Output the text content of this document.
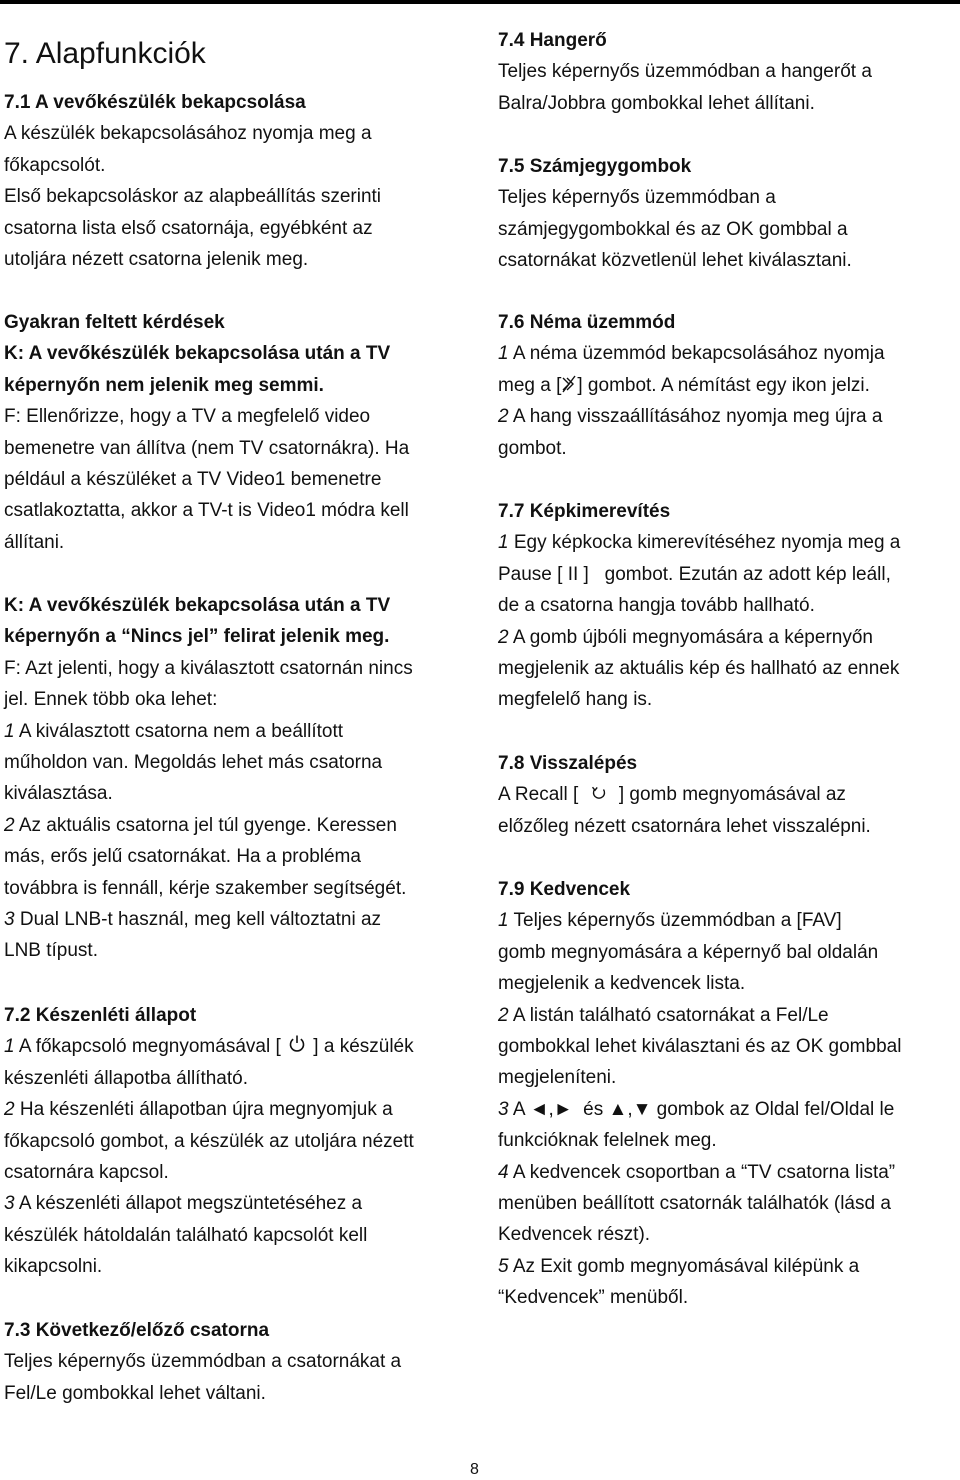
7. Alapfunkciók
7.1 A vevőkészülék bekapcsolása
A készülék bekapcsolásához nyomja meg a
főkapcsolót.
Első bekapcsoláskor az alapbeállítás szerinti
csatorna lista első csatornája, egyébként az
utoljára nézett csatorna jelenik meg.
Gyakran feltett kérdések
K: A vevőkészülék bekapcsolása után a TV
képernyőn nem jelenik meg semmi.
F: Ellenőrizze, hogy a TV a megfelelő video
bemenetre van állítva (nem TV csatornákra). Ha
például a készüléket a TV Video1 bemenetre
csatlakoztatta, akkor a TV-t is Video1 módra kell
állítani.
K: A vevőkészülék bekapcsolása után a TV
képernyőn a “Nincs jel” felirat jelenik meg.
F: Azt jelenti, hogy a kiválasztott csatornán nincs
jel. Ennek több oka lehet:
1 A kiválasztott csatorna nem a beállított
műholdon van. Megoldás lehet más csatorna
kiválasztása.
2 Az aktuális csatorna jel túl gyenge. Keressen
más, erős jelű csatornákat. Ha a probléma
továbbra is fennáll, kérje szakember segítségét.
3 Dual LNB-t használ, meg kell változtatni az
LNB típust.
7.2 Készenléti állapot
1 A főkapcsoló megnyomásával [ ] a készülék
készenléti állapotba állítható.
2 Ha készenléti állapotban újra megnyomjuk a
főkapcsoló gombot, a készülék az utoljára nézett
csatornára kapcsol.
3 A készenléti állapot megszüntetéséhez a
készülék hátoldalán található kapcsolót kell
kikapcsolni.
7.3 Következő/előző csatorna
Teljes képernyős üzemmódban a csatornákat a
Fel/Le gombokkal lehet váltani.
7.4 Hangerő
Teljes képernyős üzemmódban a hangerőt a
Balra/Jobbra gombokkal lehet állítani.
7.5 Számjegygombok
Teljes képernyős üzemmódban a
számjegygombokkal és az OK gombbal a
csatornákat közvetlenül lehet kiválasztani.
7.6 Néma üzemmód
1 A néma üzemmód bekapcsolásához nyomja
meg a [ ] gombot. A némítást egy ikon jelzi.
2 A hang visszaállításához nyomja meg újra a
gombot.
7.7 Képkimerevítés
1 Egy képkocka kimerevítéséhez nyomja meg a
Pause [ II ]   gombot. Ezután az adott kép leáll,
de a csatorna hangja tovább hallható.
2 A gomb újbóli megnyomására a képernyőn
megjelenik az aktuális kép és hallható az ennek
megfelelő hang is.
7.8 Visszalépés
A Recall [ ] gomb megnyomásával az
előzőleg nézett csatornára lehet visszalépni.
7.9 Kedvencek
1 Teljes képernyős üzemmódban a [FAV]
gomb megnyomására a képernyő bal oldalán
megjelenik a kedvencek lista.
2 A listán található csatornákat a Fel/Le
gombokkal lehet kiválasztani és az OK gombbal
megjeleníteni.
3 A ◄,►  és ▲,▼ gombok az Oldal fel/Oldal le
funkcióknak felelnek meg.
4 A kedvencek csoportban a “TV csatorna lista”
menüben beállított csatornák találhatók (lásd a
Kedvencek részt).
5 Az Exit gomb megnyomásával kilépünk a
“Kedvencek” menüből.
8
